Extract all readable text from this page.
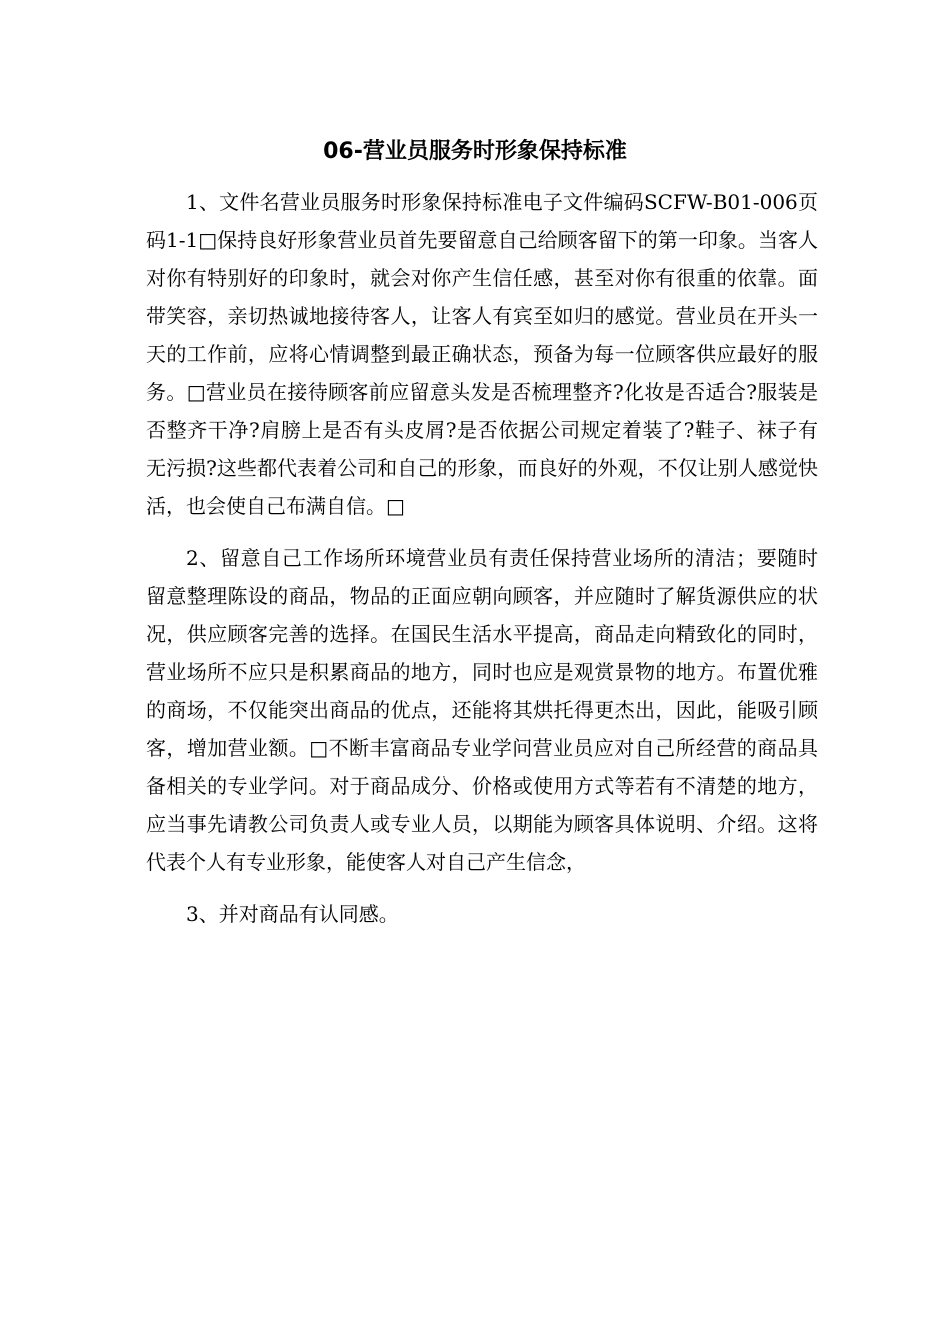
06-营业员服务时形象保持标准

1、文件名营业员服务时形象保持标准电子文件编码SCFW-B01-006页码1-1□保持良好形象营业员首先要留意自己给顾客留下的第一印象。当客人对你有特别好的印象时，就会对你产生信任感，甚至对你有很重的依靠。面带笑容，亲切热诚地接待客人，让客人有宾至如归的感觉。营业员在开头一天的工作前，应将心情调整到最正确状态，预备为每一位顾客供应最好的服务。□营业员在接待顾客前应留意头发是否梳理整齐?化妆是否适合?服装是否整齐干净?肩膀上是否有头皮屑?是否依据公司规定着装了?鞋子、袜子有无污损?这些都代表着公司和自己的形象，而良好的外观，不仅让别人感觉快活，也会使自己布满自信。□

2、留意自己工作场所环境营业员有责任保持营业场所的清洁；要随时留意整理陈设的商品，物品的正面应朝向顾客，并应随时了解货源供应的状况，供应顾客完善的选择。在国民生活水平提高，商品走向精致化的同时，营业场所不应只是积累商品的地方，同时也应是观赏景物的地方。布置优雅的商场，不仅能突出商品的优点，还能将其烘托得更杰出，因此，能吸引顾客，增加营业额。□不断丰富商品专业学问营业员应对自己所经营的商品具备相关的专业学问。对于商品成分、价格或使用方式等若有不清楚的地方，应当事先请教公司负责人或专业人员，以期能为顾客具体说明、介绍。这将代表个人有专业形象，能使客人对自己产生信念，

3、并对商品有认同感。
